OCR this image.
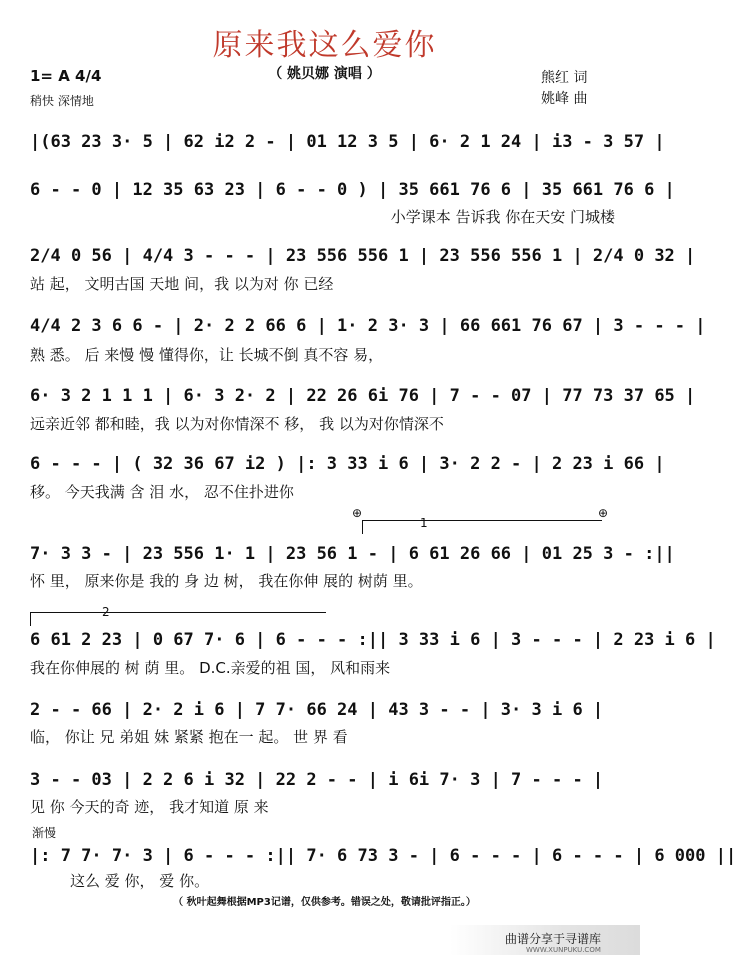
原来我这么爱你
（ 姚贝娜 演唱 ）
1= A 4/4
稍快 深情地
熊红 词
姚峰 曲
|(63 23 3· 5 | 62 i2 2 - | 01 12 3 5 | 6· 2 1 24 | i3 - 3 57 |
6 - - 0 | 12 35 63 23 | 6 - - 0 ) | 35 661 76 6 | 35 661 76 6 |
小学课本 告诉我 你在天安 门城楼
2/4 0 56 | 4/4 3 - - - | 23 556 556 1 | 23 556 556 1 | 2/4 0 32 |
站 起， 文明古国 天地 间，我 以为对 你 已经
4/4 2 3 6 6 - | 2· 2 2 66 6 | 1· 2 3· 3 | 66 661 76 67 | 3 - - - |
熟 悉。 后 来慢 慢 懂得你，让 长城不倒 真不容 易，
6· 3 2 1 1 1 | 6· 3 2· 2 | 22 26 6i 76 | 7 - - 07 | 77 73 37 65 |
远亲近邻 都和睦，我 以为对你情深不 移， 我 以为对你情深不
6 - - - | ( 32 36 67 i2 ) |: 3 33 i 6 | 3· 2 2 - | 2 23 i 66 |
移。 今天我满 含 泪 水， 忍不住扑进你
⊕	⊕
1
7· 3 3 - | 23 556 1· 1 | 23 56 1 - | 6 61 26 66 | 01 25 3 - :||
怀 里， 原来你是 我的 身 边 树， 我在你伸 展的 树荫 里。
2
6 61 2 23 | 0 67 7· 6 | 6 - - - :|| 3 33 i 6 | 3 - - - | 2 23 i 6 |
我在你伸展的 树 荫 里。 D.C.亲爱的祖 国， 风和雨来
2 - - 66 | 2· 2 i 6 | 7 7· 66 24 | 43 3 - - | 3· 3 i 6 |
临， 你让 兄 弟姐 妹 紧紧 抱在一 起。 世 界 看
3 - - 03 | 2 2 6 i 32 | 22 2 - - | i 6i 7· 3 | 7 - - - |
见 你 今天的奇 迹， 我才知道 原 来
渐慢
|: 7 7· 7· 3 | 6 - - - :|| 7· 6 73 3 - | 6 - - - | 6 - - - | 6 000 ||
这么 爱 你， 爱 你。
（ 秋叶起舞根据MP3记谱，仅供参考。错误之处，敬请批评指正。）
曲谱分享于寻谱库
WWW.XUNPUKU.COM
